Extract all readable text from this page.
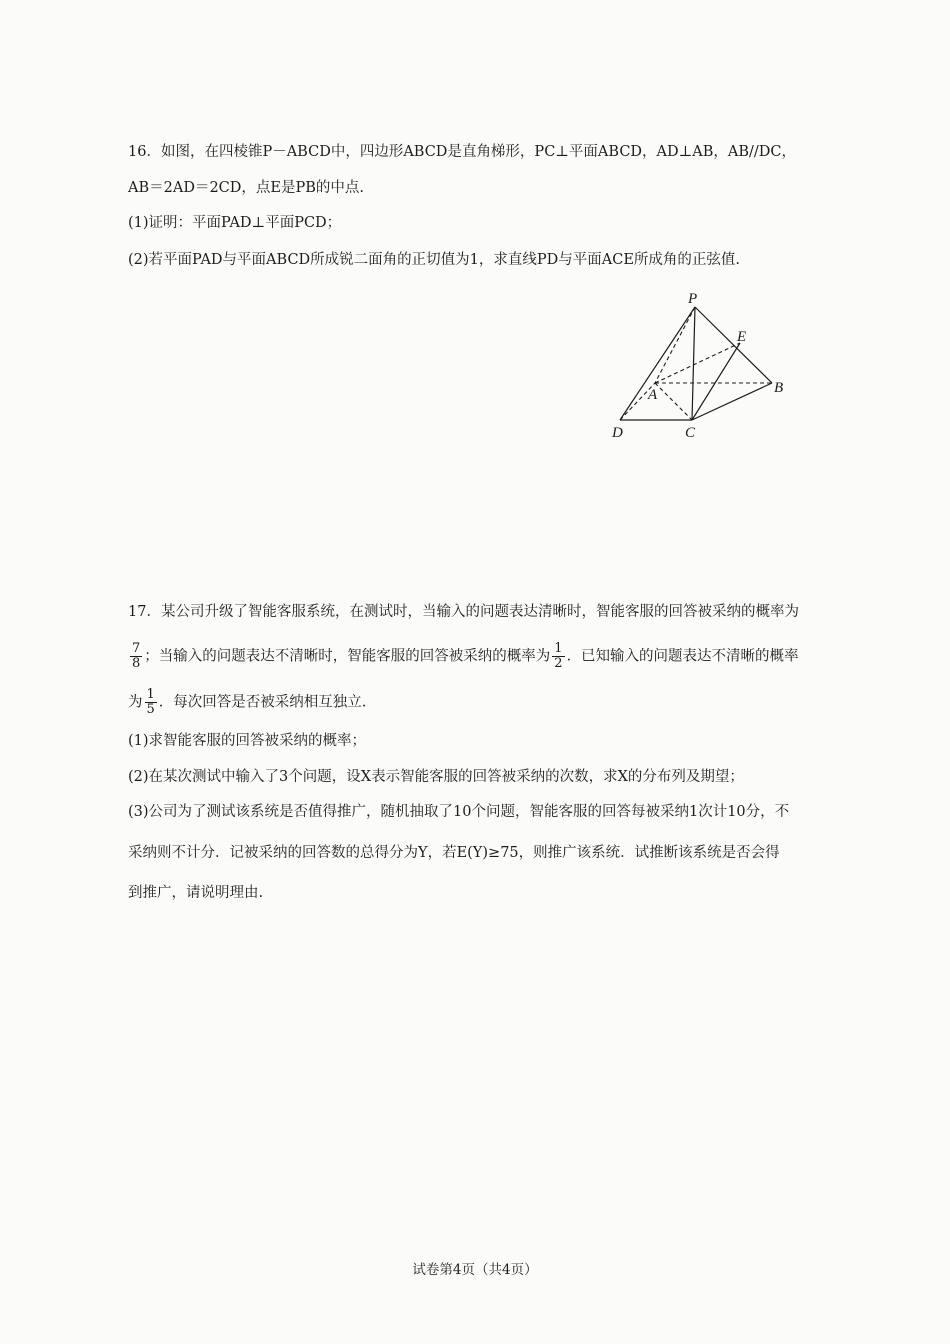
16．如图，在四棱锥P－ABCD中，四边形ABCD是直角梯形，PC⊥平面ABCD，AD⊥AB，AB//DC，
AB＝2AD＝2CD，点E是PB的中点.
(1)证明：平面PAD⊥平面PCD；
(2)若平面PAD与平面ABCD所成锐二面角的正切值为1，求直线PD与平面ACE所成角的正弦值.
P
E
A	B
D	C
17．某公司升级了智能客服系统，在测试时，当输入的问题表达清晰时，智能客服的回答被采纳的概率为
$\frac{7}{8}$ ；当输入的问题表达不清晰时，智能客服的回答被采纳的概率为 $\frac{1}{2}$ ．已知输入的问题表达不清晰的概率
为 $\frac{1}{5}$ ．每次回答是否被采纳相互独立.
(1)求智能客服的回答被采纳的概率；
(2)在某次测试中输入了3个问题，设X表示智能客服的回答被采纳的次数，求X的分布列及期望；
(3)公司为了测试该系统是否值得推广，随机抽取了10个问题，智能客服的回答每被采纳1次计10分，不
采纳则不计分．记被采纳的回答数的总得分为Y，若E(Y)≥75，则推广该系统．试推断该系统是否会得
到推广，请说明理由.
试卷第4页（共4页）
